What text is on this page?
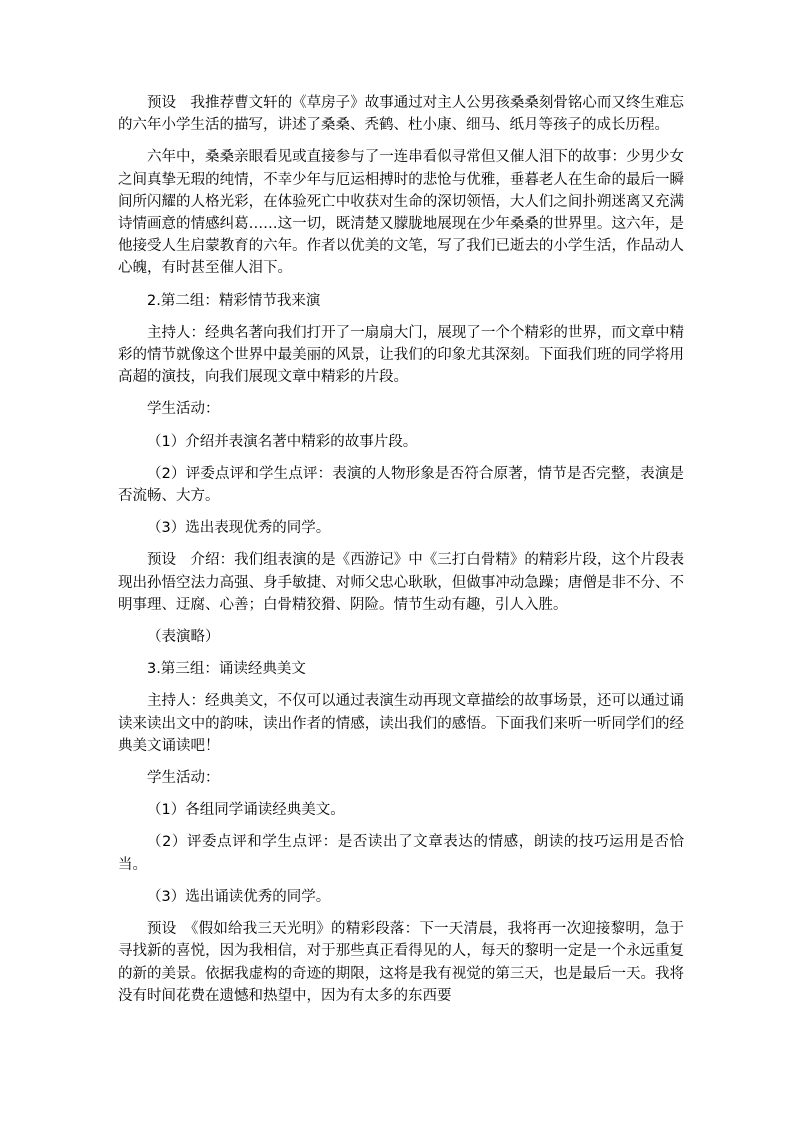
预设　我推荐曹文轩的《草房子》故事通过对主人公男孩桑桑刻骨铭心而又终生难忘的六年小学生活的描写，讲述了桑桑、秃鹤、杜小康、细马、纸月等孩子的成长历程。

六年中，桑桑亲眼看见或直接参与了一连串看似寻常但又催人泪下的故事：少男少女之间真挚无瑕的纯情，不幸少年与厄运相搏时的悲怆与优雅，垂暮老人在生命的最后一瞬间所闪耀的人格光彩，在体验死亡中收获对生命的深切领悟，大人们之间扑朔迷离又充满诗情画意的情感纠葛……这一切，既清楚又朦胧地展现在少年桑桑的世界里。这六年，是他接受人生启蒙教育的六年。作者以优美的文笔，写了我们已逝去的小学生活，作品动人心魄，有时甚至催人泪下。

2.第二组：精彩情节我来演

主持人：经典名著向我们打开了一扇扇大门，展现了一个个精彩的世界，而文章中精彩的情节就像这个世界中最美丽的风景，让我们的印象尤其深刻。下面我们班的同学将用高超的演技，向我们展现文章中精彩的片段。

学生活动：

（1）介绍并表演名著中精彩的故事片段。

（2）评委点评和学生点评：表演的人物形象是否符合原著，情节是否完整，表演是否流畅、大方。

（3）选出表现优秀的同学。

预设　介绍：我们组表演的是《西游记》中《三打白骨精》的精彩片段，这个片段表现出孙悟空法力高强、身手敏捷、对师父忠心耿耿，但做事冲动急躁；唐僧是非不分、不明事理、迂腐、心善；白骨精狡猾、阴险。情节生动有趣，引人入胜。

（表演略）

3.第三组：诵读经典美文

主持人：经典美文，不仅可以通过表演生动再现文章描绘的故事场景，还可以通过诵读来读出文中的韵味，读出作者的情感，读出我们的感悟。下面我们来听一听同学们的经典美文诵读吧！

学生活动：

（1）各组同学诵读经典美文。

（2）评委点评和学生点评：是否读出了文章表达的情感，朗读的技巧运用是否恰当。

（3）选出诵读优秀的同学。

预设　《假如给我三天光明》的精彩段落：下一天清晨，我将再一次迎接黎明，急于寻找新的喜悦，因为我相信，对于那些真正看得见的人，每天的黎明一定是一个永远重复的新的美景。依据我虚构的奇迹的期限，这将是我有视觉的第三天，也是最后一天。我将没有时间花费在遗憾和热望中，因为有太多的东西要
